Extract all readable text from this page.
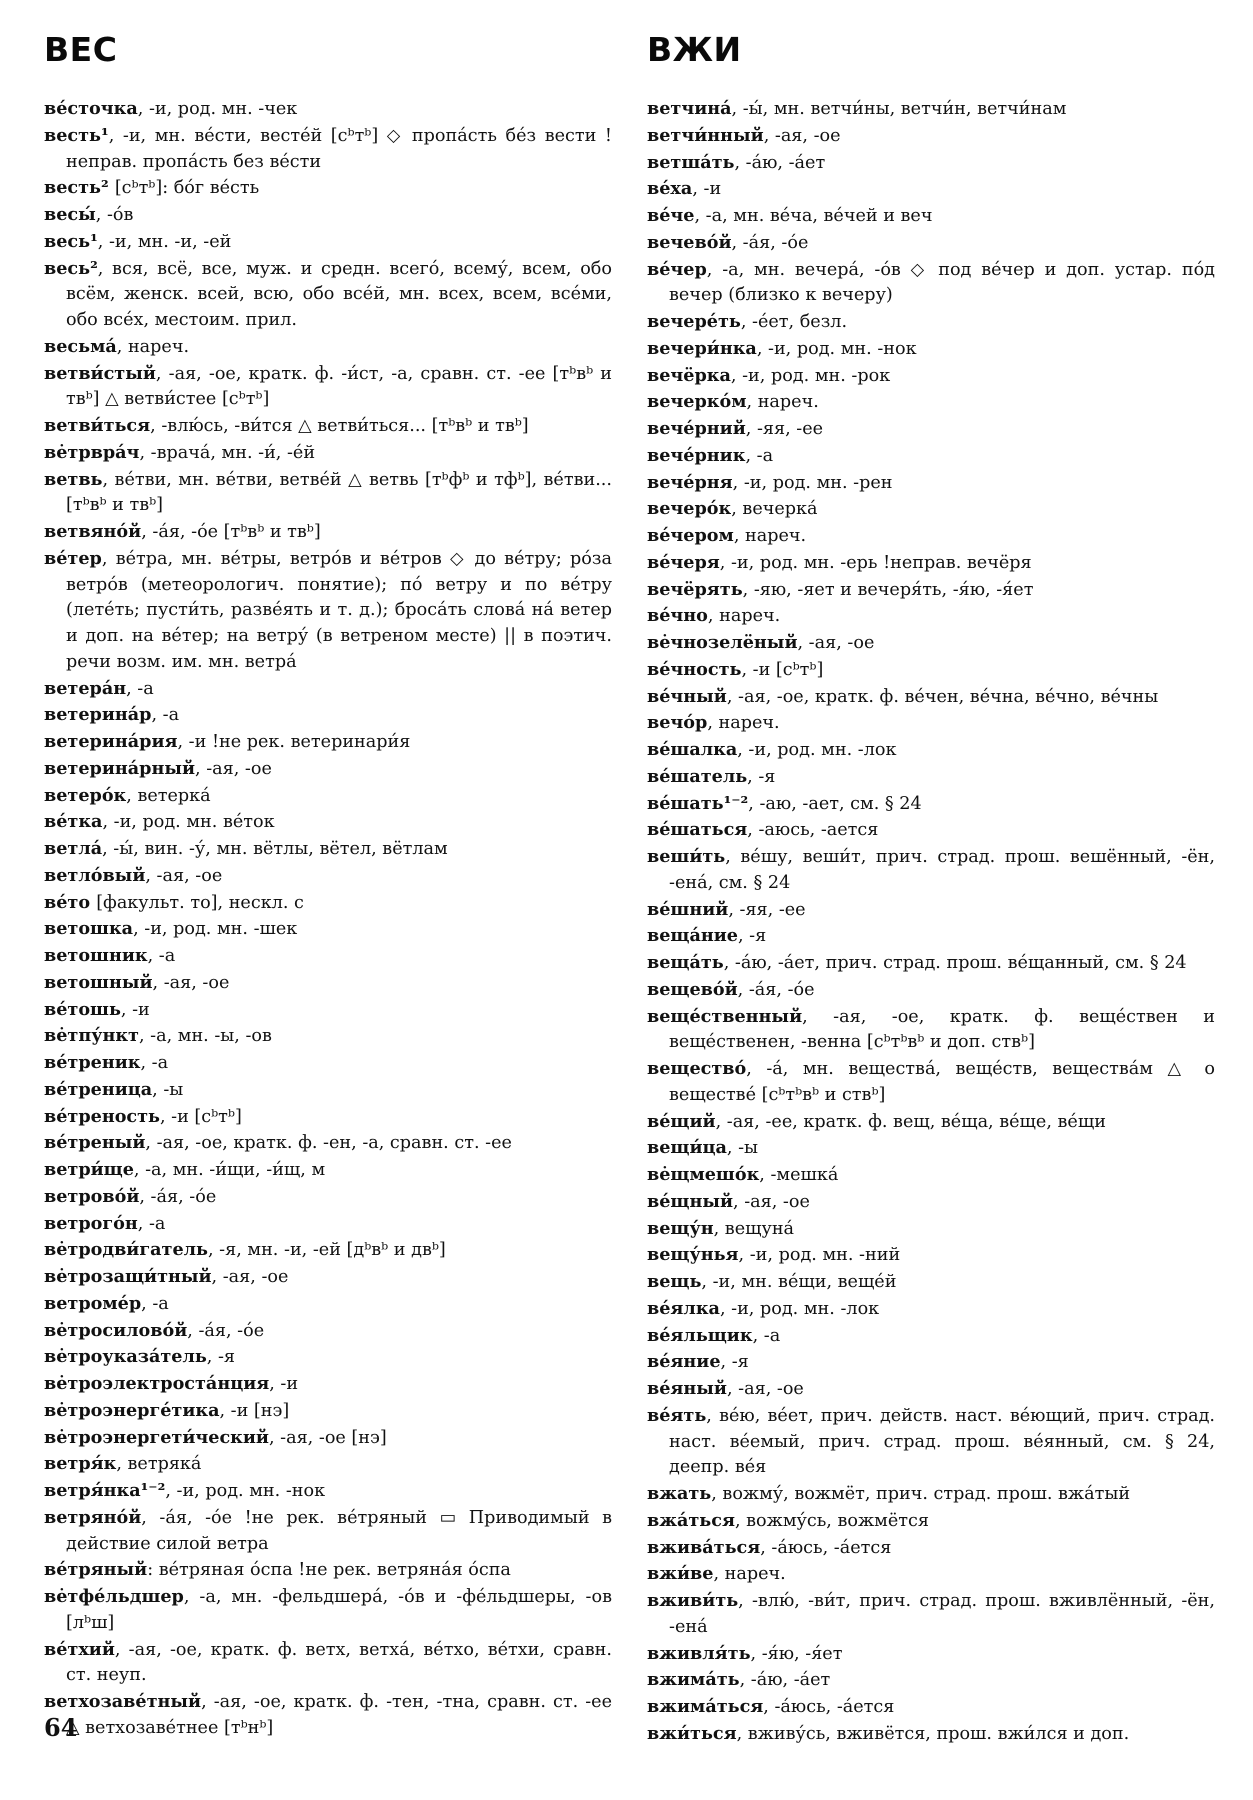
ВЕС	ВЖИ

ве́сточка, -и, род. мн. -чек

весть¹, -и, мн. ве́сти, весте́й [сᵇтᵇ] ◇ пропа́сть бе́з вести !неправ. пропа́сть без ве́сти

весть² [сᵇтᵇ]: бо́г ве́сть

весы́, -о́в

весь¹, -и, мн. -и, -ей

весь², вся, всё, все, муж. и средн. всего́, всему́, всем, обо всём, женск. всей, всю, обо все́й, мн. всех, всем, все́ми, обо все́х, местоим. прил.

весьма́, нареч.

ветви́стый, -ая, -ое, кратк. ф. -и́ст, -а, сравн. ст. -ее [тᵇвᵇ и твᵇ] △ ветви́стее [сᵇтᵇ]

ветви́ться, -влю́сь, -ви́тся △ ветви́ться... [тᵇвᵇ и твᵇ]

ве̇трвра́ч, -врача́, мн. -и́, -е́й

ветвь, ве́тви, мн. ве́тви, ветве́й △ ветвь [тᵇфᵇ и тфᵇ], ве́тви... [тᵇвᵇ и твᵇ]

ветвяно́й, -а́я, -о́е [тᵇвᵇ и твᵇ]

ве́тер, ве́тра, мн. ве́тры, ветро́в и ве́тров ◇ до ве́тру; ро́за ветро́в (метеорологич. понятие); по́ ветру и по ве́тру (лете́ть; пусти́ть, разве́ять и т. д.); броса́ть слова́ на́ ветер и доп. на ве́тер; на ветру́ (в ветреном месте) || в поэтич. речи возм. им. мн. ветра́

ветера́н, -а

ветерина́р, -а

ветерина́рия, -и !не рек. ветеринари́я

ветерина́рный, -ая, -ое

ветеро́к, ветерка́

ве́тка, -и, род. мн. ве́ток

ветла́, -ы́, вин. -у́, мн. вётлы, вётел, вётлам

ветло́вый, -ая, -ое

ве́то [факульт. то], нескл. с

ветошка, -и, род. мн. -шек

ветошник, -а

ветошный, -ая, -ое

ве́тошь, -и

ве̇тпу́нкт, -а, мн. -ы, -ов

ве́треник, -а

ве́треница, -ы

ве́треность, -и [сᵇтᵇ]

ве́треный, -ая, -ое, кратк. ф. -ен, -а, сравн. ст. -ее

ветри́ще, -а, мн. -и́щи, -и́щ, м

ветрово́й, -а́я, -о́е

ветрого́н, -а

ве̇тродви́гатель, -я, мн. -и, -ей [дᵇвᵇ и двᵇ]

ве̇трозащи́тный, -ая, -ое

ветроме́р, -а

ве̇тросилово́й, -а́я, -о́е

ве̇троуказа́тель, -я

ве̇троэлектроста́нция, -и

ве̇троэнерге́тика, -и [нэ]

ве̇троэнергети́ческий, -ая, -ое [нэ]

ветря́к, ветряка́

ветря́нка¹⁻², -и, род. мн. -нок

ветряно́й, -а́я, -о́е !не рек. ве́тряный ▭ Приводимый в действие силой ветра

ве́тряный: ве́тряная о́спа !не рек. ветряна́я о́спа

ве̇тфе́льдшер, -а, мн. -фельдшера́, -о́в и -фе́льдшеры, -ов [лᵇш]

ве́тхий, -ая, -ое, кратк. ф. ветх, ветха́, ве́тхо, ве́тхи, сравн. ст. неуп.

ветхозаве́тный, -ая, -ое, кратк. ф. -тен, -тна, сравн. ст. -ее △ ветхозаве́тнее [тᵇнᵇ]

ветчина́, -ы́, мн. ветчи́ны, ветчи́н, ветчи́нам

ветчи́нный, -ая, -ое

ветша́ть, -а́ю, -а́ет

ве́ха, -и

ве́че, -а, мн. ве́ча, ве́чей и веч

вечево́й, -а́я, -о́е

ве́чер, -а, мн. вечера́, -о́в ◇ под ве́чер и доп. устар. по́д вечер (близко к вечеру)

вечере́ть, -е́ет, безл.

вечери́нка, -и, род. мн. -нок

вечёрка, -и, род. мн. -рок

вечерко́м, нареч.

вече́рний, -яя, -ее

вече́рник, -а

вече́рня, -и, род. мн. -рен

вечеро́к, вечерка́

ве́чером, нареч.

ве́черя, -и, род. мн. -ерь !неправ. вечёря

вечёрять, -яю, -яет и вечеря́ть, -я́ю, -я́ет

ве́чно, нареч.

ве̇чнозелёный, -ая, -ое

ве́чность, -и [сᵇтᵇ]

ве́чный, -ая, -ое, кратк. ф. ве́чен, ве́чна, ве́чно, ве́чны

вечо́р, нареч.

ве́шалка, -и, род. мн. -лок

ве́шатель, -я

ве́шать¹⁻², -аю, -ает, см. § 24

ве́шаться, -аюсь, -ается

веши́ть, ве́шу, веши́т, прич. страд. прош. вешённый, -ён, -ена́, см. § 24

ве́шний, -яя, -ее

веща́ние, -я

веща́ть, -а́ю, -а́ет, прич. страд. прош. ве́щанный, см. § 24

вещево́й, -а́я, -о́е

веще́ственный, -ая, -ое, кратк. ф. веще́ствен и веще́ственен, -венна [сᵇтᵇвᵇ и доп. ствᵇ]

вещество́, -а́, мн. вещества́, веще́ств, вещества́м △ о веществе́ [сᵇтᵇвᵇ и ствᵇ]

ве́щий, -ая, -ее, кратк. ф. вещ, ве́ща, ве́ще, ве́щи

вещи́ца, -ы

ве̇щмешо́к, -мешка́

ве́щный, -ая, -ое

вещу́н, вещуна́

вещу́нья, -и, род. мн. -ний

вещь, -и, мн. ве́щи, веще́й

ве́ялка, -и, род. мн. -лок

ве́яльщик, -а

ве́яние, -я

ве́яный, -ая, -ое

ве́ять, ве́ю, ве́ет, прич. действ. наст. ве́ющий, прич. страд. наст. ве́емый, прич. страд. прош. ве́янный, см. § 24, деепр. ве́я

вжать, вожму́, вожмёт, прич. страд. прош. вжа́тый

вжа́ться, вожму́сь, вожмётся

вжива́ться, -а́юсь, -а́ется

вжи́ве, нареч.

вживи́ть, -влю́, -ви́т, прич. страд. прош. вживлённый, -ён, -ена́

вживля́ть, -я́ю, -я́ет

вжима́ть, -а́ю, -а́ет

вжима́ться, -а́юсь, -а́ется

вжи́ться, вживу́сь, вживётся, прош. вжи́лся и доп.

64
